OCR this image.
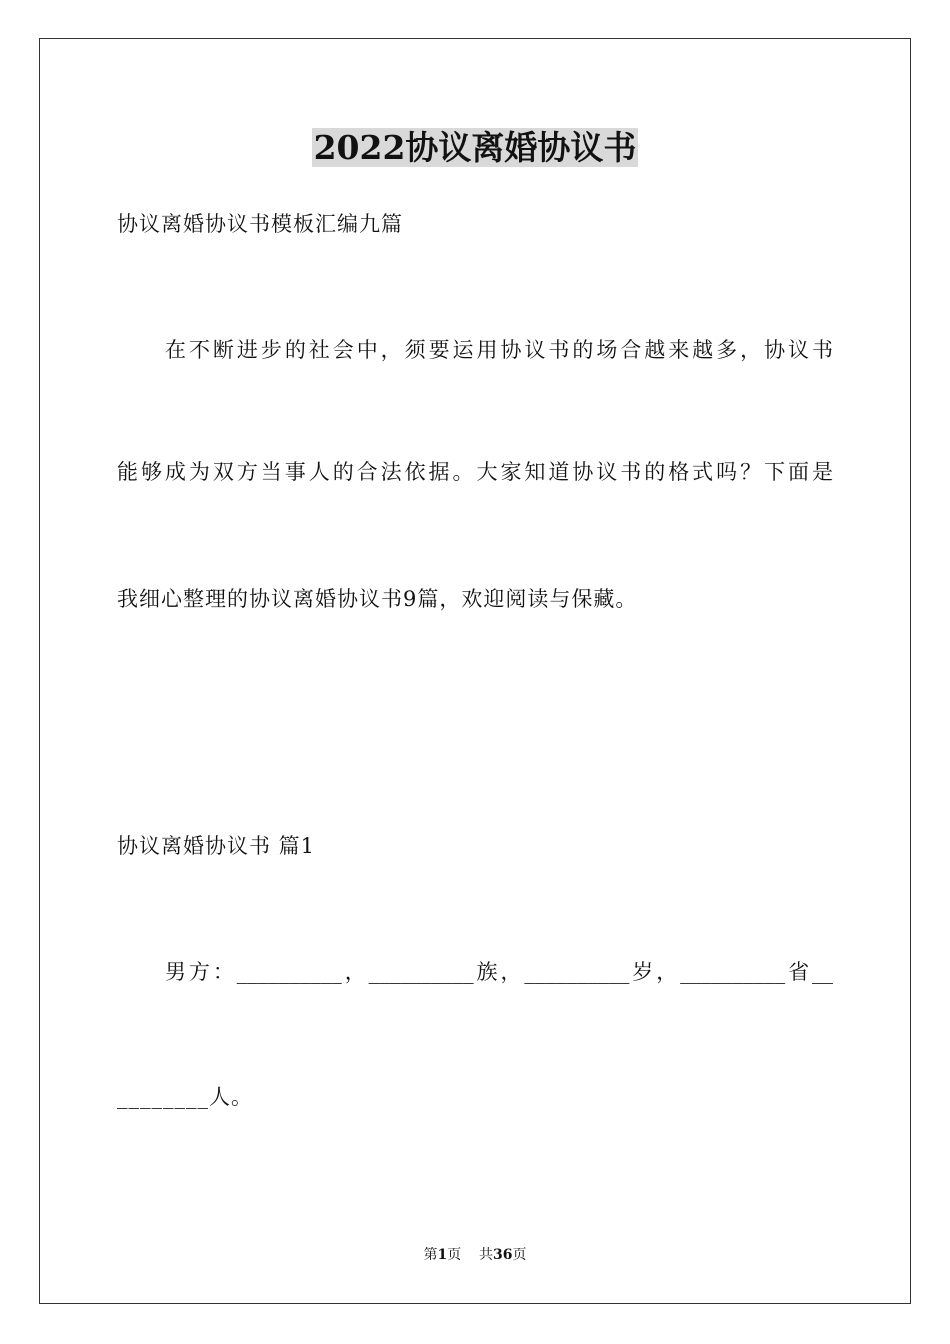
2022协议离婚协议书
协议离婚协议书模板汇编九篇
在不断进步的社会中，须要运用协议书的场合越来越多，协议书
能够成为双方当事人的合法依据。大家知道协议书的格式吗？下面是
我细心整理的协议离婚协议书9篇，欢迎阅读与保藏。
协议离婚协议书 篇1
男方：__________，__________族，__________岁，__________省__
________人。
第1页 共36页
